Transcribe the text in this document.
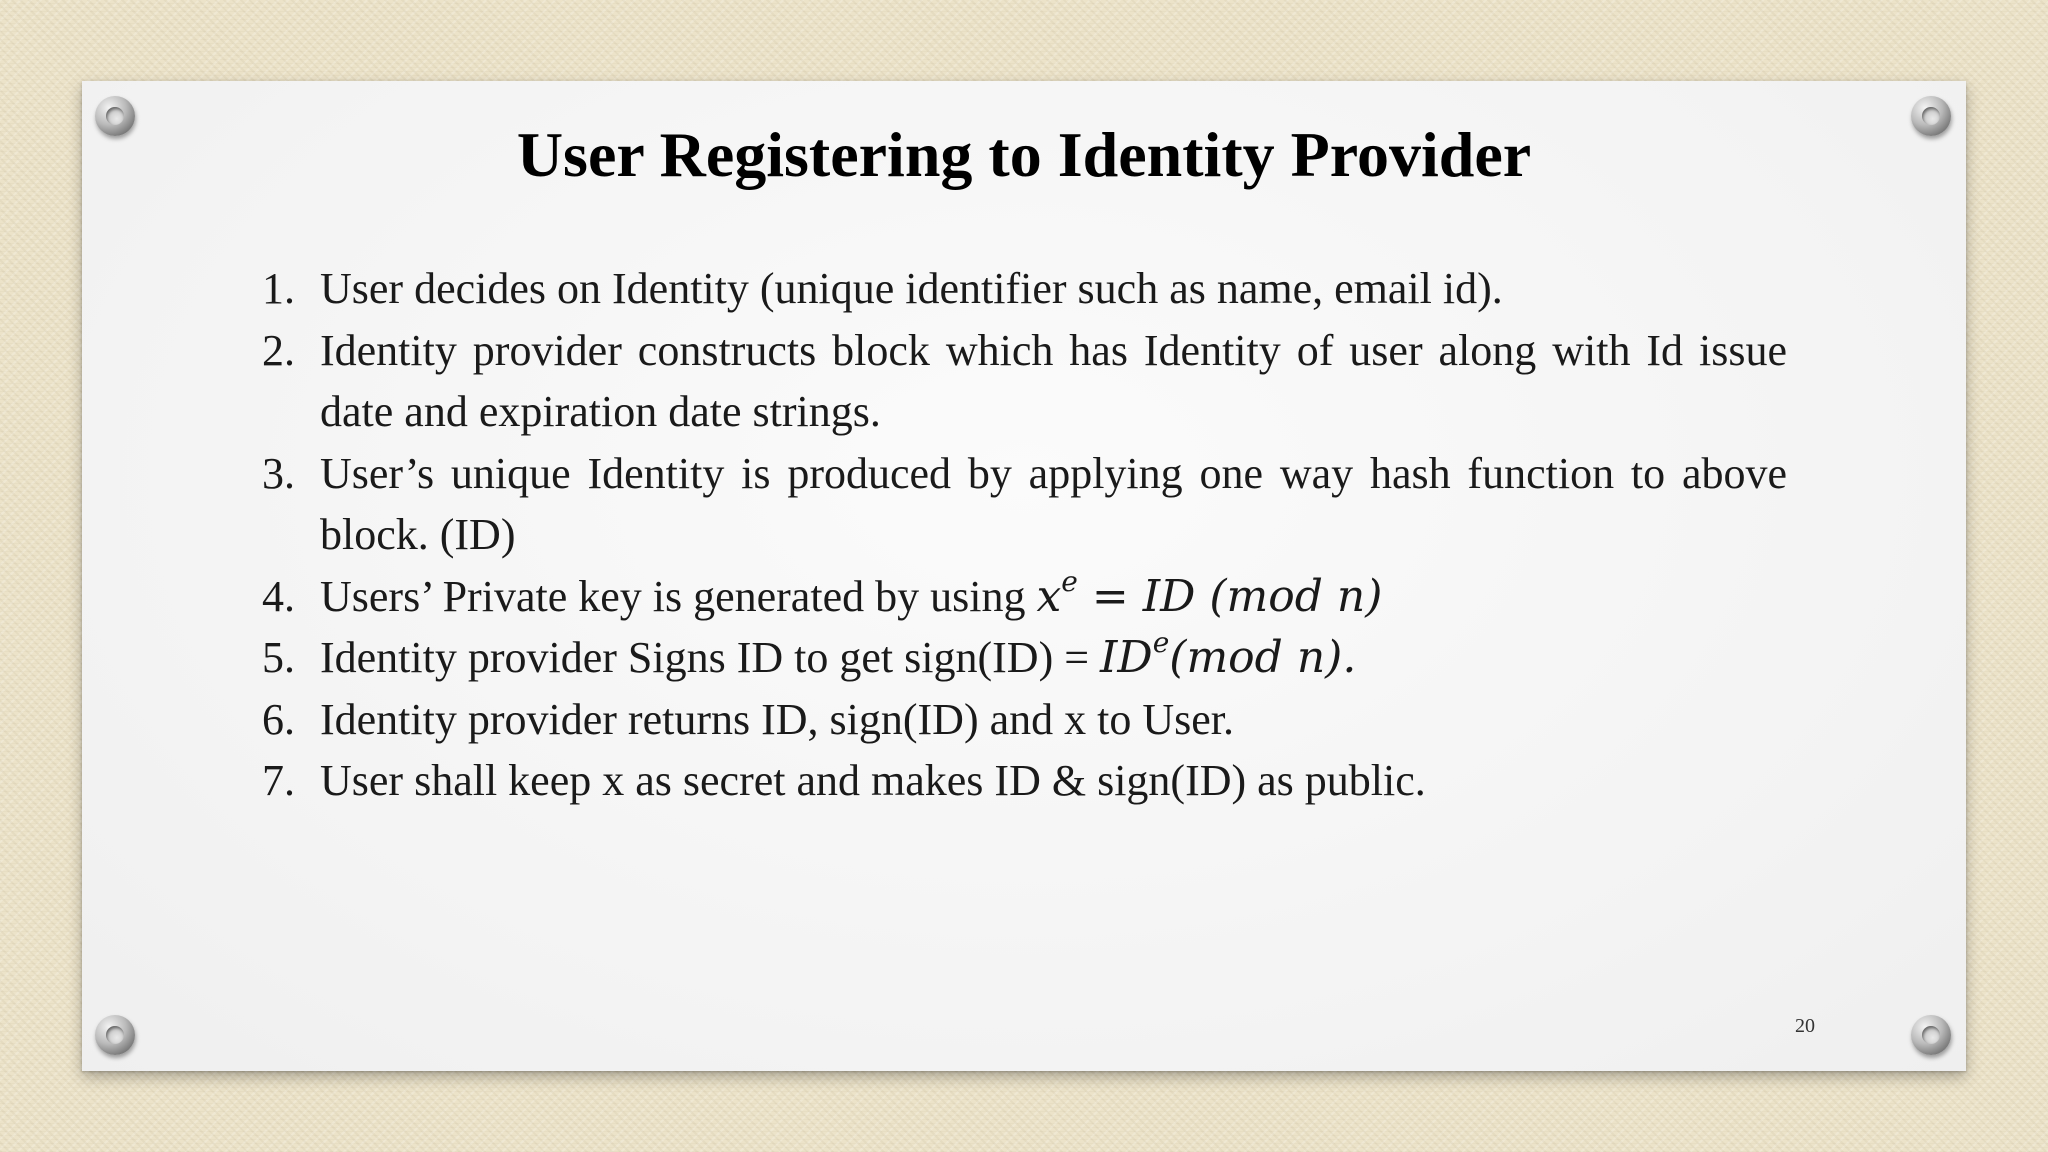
User Registering to Identity Provider
1. User decides on Identity (unique identifier such as name, email id).
2. Identity provider constructs block which has Identity of user along with Id issue date and expiration date strings.
3. User’s unique Identity is produced by applying one way hash function to above block. (ID)
4. Users’ Private key is generated by using $x^e$ = ID (mod n)
5. Identity provider Signs ID to get sign(ID) = $ID^e(mod$ n).
6. Identity provider returns ID, sign(ID) and x to User.
7. User shall keep x as secret and makes ID & sign(ID) as public.
20
